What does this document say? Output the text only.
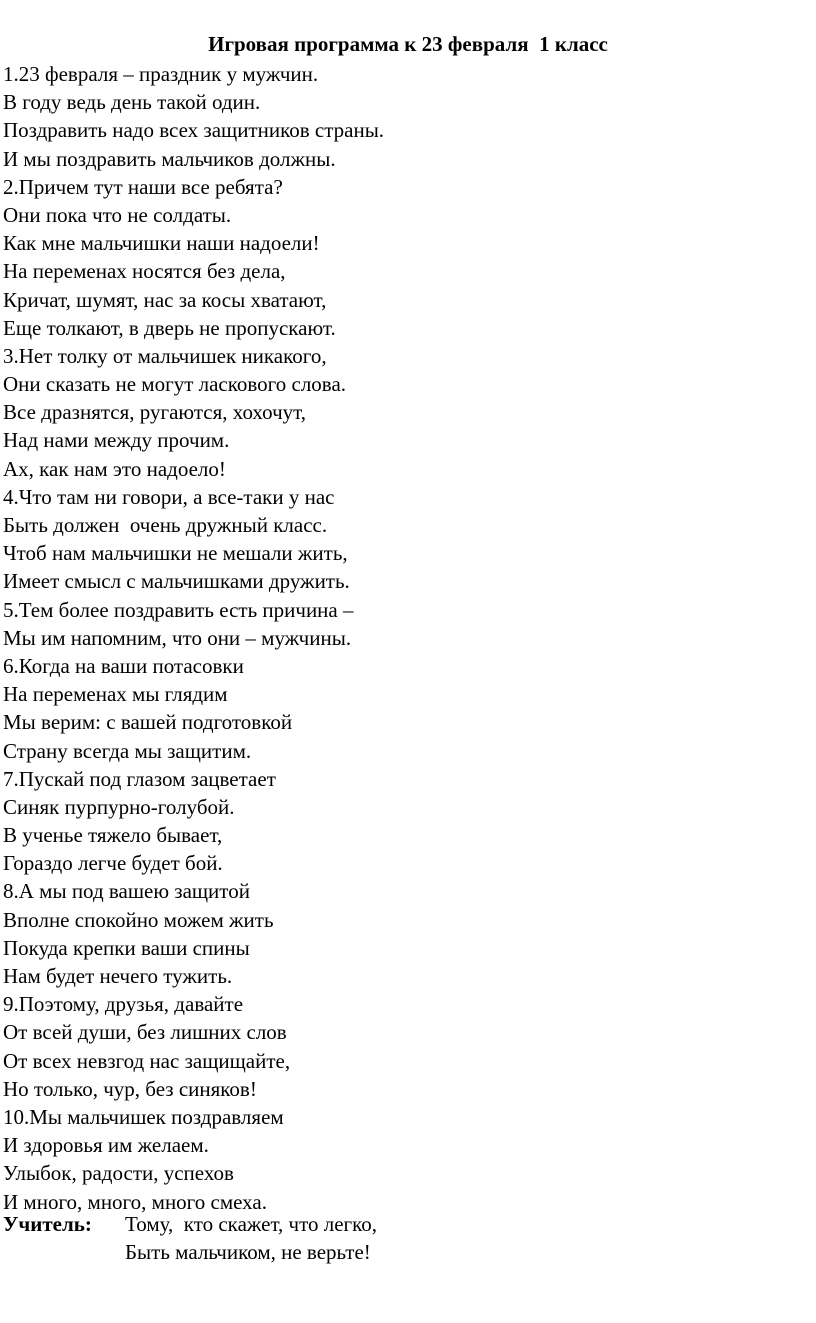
Игровая программа к 23 февраля  1 класс
1.23 февраля – праздник у мужчин.
В году ведь день такой один.
Поздравить надо всех защитников страны.
И мы поздравить мальчиков должны.
2.Причем тут наши все ребята?
Они пока что не солдаты.
Как мне мальчишки наши надоели!
На переменах носятся без дела,
Кричат, шумят, нас за косы хватают,
Еще толкают, в дверь не пропускают.
3.Нет толку от мальчишек никакого,
Они сказать не могут ласкового слова.
Все дразнятся, ругаются, хохочут,
Над нами между прочим.
Ах, как нам это надоело!
4.Что там ни говори, а все-таки у нас
Быть должен  очень дружный класс.
Чтоб нам мальчишки не мешали жить,
Имеет смысл с мальчишками дружить.
5.Тем более поздравить есть причина –
Мы им напомним, что они – мужчины.
6.Когда на ваши потасовки
На переменах мы глядим
Мы верим: с вашей подготовкой
Страну всегда мы защитим.
7.Пускай под глазом зацветает
Синяк пурпурно-голубой.
В ученье тяжело бывает,
Гораздо легче будет бой.
8.А мы под вашею защитой
Вполне спокойно можем жить
Покуда крепки ваши спины
Нам будет нечего тужить.
9.Поэтому, друзья, давайте
От всей души, без лишних слов
От всех невзгод нас защищайте,
Но только, чур, без синяков!
10.Мы мальчишек поздравляем
И здоровья им желаем.
Улыбок, радости, успехов
И много, много, много смеха.

Учитель:

Тому,  кто скажет, что легко,

Быть мальчиком, не верьте!
